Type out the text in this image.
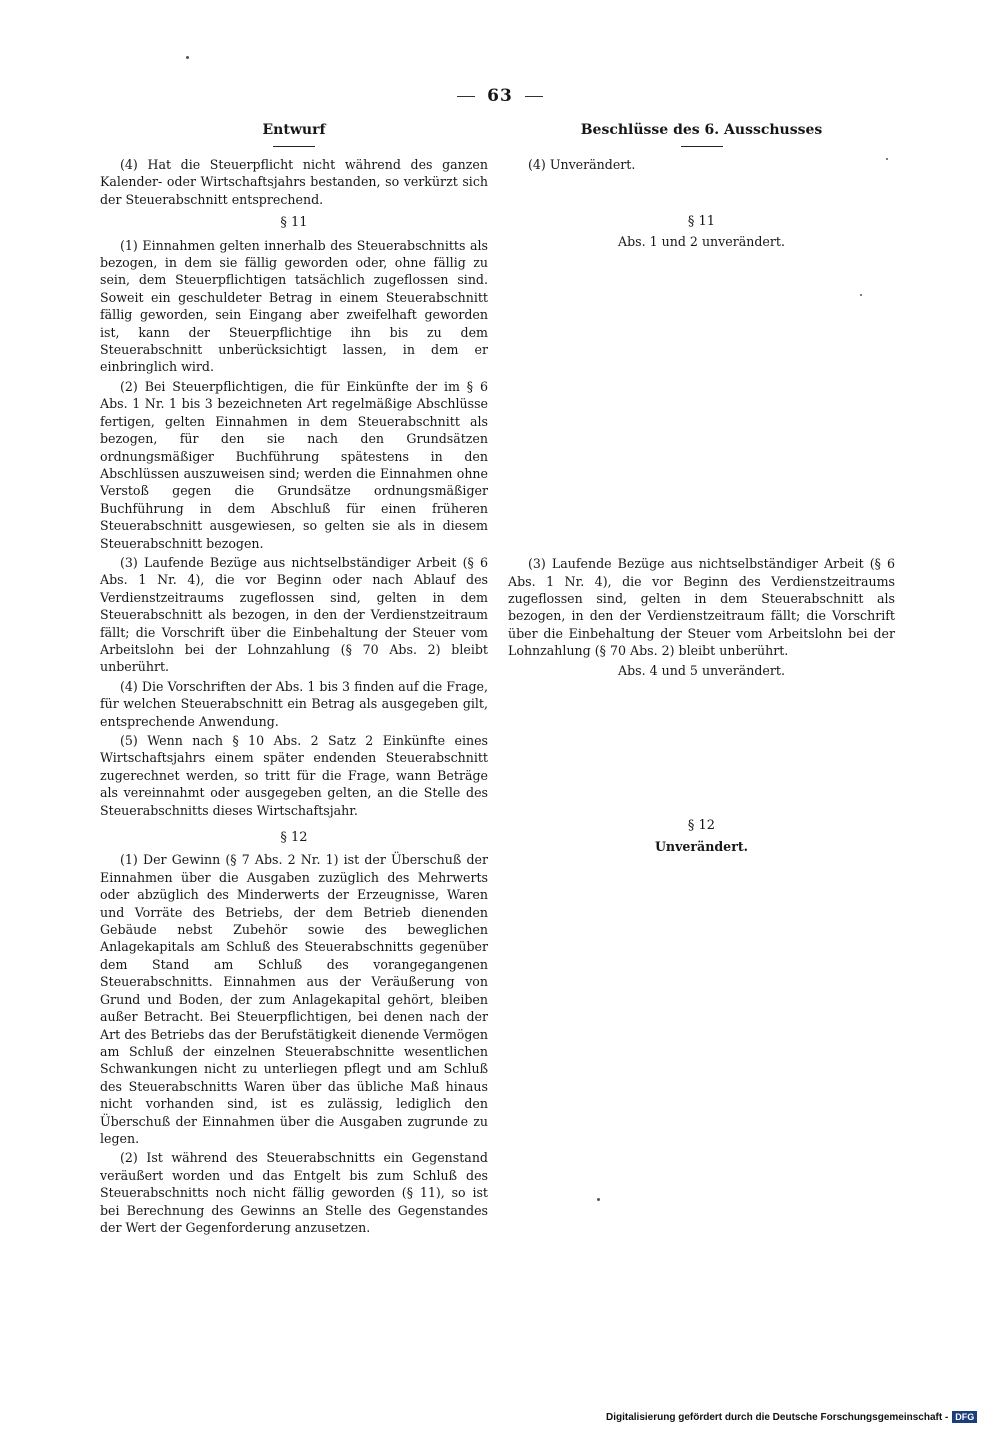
63
Entwurf

(4) Hat die Steuerpflicht nicht während des ganzen Kalender- oder Wirtschaftsjahrs bestanden, so verkürzt sich der Steuerabschnitt entsprechend.

§ 11

(1) Einnahmen gelten innerhalb des Steuerabschnitts als bezogen, in dem sie fällig geworden oder, ohne fällig zu sein, dem Steuerpflichtigen tatsächlich zugeflossen sind. Soweit ein geschuldeter Betrag in einem Steuerabschnitt fällig geworden, sein Eingang aber zweifelhaft geworden ist, kann der Steuerpflichtige ihn bis zu dem Steuerabschnitt unberücksichtigt lassen, in dem er einbringlich wird.

(2) Bei Steuerpflichtigen, die für Einkünfte der im § 6 Abs. 1 Nr. 1 bis 3 bezeichneten Art regelmäßige Abschlüsse fertigen, gelten Einnahmen in dem Steuerabschnitt als bezogen, für den sie nach den Grundsätzen ordnungsmäßiger Buchführung spätestens in den Abschlüssen auszuweisen sind; werden die Einnahmen ohne Verstoß gegen die Grundsätze ordnungsmäßiger Buchführung in dem Abschluß für einen früheren Steuerabschnitt ausgewiesen, so gelten sie als in diesem Steuerabschnitt bezogen.

(3) Laufende Bezüge aus nichtselbständiger Arbeit (§ 6 Abs. 1 Nr. 4), die vor Beginn oder nach Ablauf des Verdienstzeitraums zugeflossen sind, gelten in dem Steuerabschnitt als bezogen, in den der Verdienstzeitraum fällt; die Vorschrift über die Einbehaltung der Steuer vom Arbeitslohn bei der Lohnzahlung (§ 70 Abs. 2) bleibt unberührt.

(4) Die Vorschriften der Abs. 1 bis 3 finden auf die Frage, für welchen Steuerabschnitt ein Betrag als ausgegeben gilt, entsprechende Anwendung.

(5) Wenn nach § 10 Abs. 2 Satz 2 Einkünfte eines Wirtschaftsjahrs einem später endenden Steuerabschnitt zugerechnet werden, so tritt für die Frage, wann Beträge als vereinnahmt oder ausgegeben gelten, an die Stelle des Steuerabschnitts dieses Wirtschaftsjahr.

§ 12

(1) Der Gewinn (§ 7 Abs. 2 Nr. 1) ist der Überschuß der Einnahmen über die Ausgaben zuzüglich des Mehrwerts oder abzüglich des Minderwerts der Erzeugnisse, Waren und Vorräte des Betriebs, der dem Betrieb dienenden Gebäude nebst Zubehör sowie des beweglichen Anlagekapitals am Schluß des Steuerabschnitts gegenüber dem Stand am Schluß des vorangegangenen Steuerabschnitts. Einnahmen aus der Veräußerung von Grund und Boden, der zum Anlagekapital gehört, bleiben außer Betracht. Bei Steuerpflichtigen, bei denen nach der Art des Betriebs das der Berufstätigkeit dienende Vermögen am Schluß der einzelnen Steuerabschnitte wesentlichen Schwankungen nicht zu unterliegen pflegt und am Schluß des Steuerabschnitts Waren über das übliche Maß hinaus nicht vorhanden sind, ist es zulässig, lediglich den Überschuß der Einnahmen über die Ausgaben zugrunde zu legen.

(2) Ist während des Steuerabschnitts ein Gegenstand veräußert worden und das Entgelt bis zum Schluß des Steuerabschnitts noch nicht fällig geworden (§ 11), so ist bei Berechnung des Gewinns an Stelle des Gegenstandes der Wert der Gegenforderung anzusetzen.

Beschlüsse des 6. Ausschusses

(4) Unverändert.

§ 11

Abs. 1 und 2 unverändert.

(3) Laufende Bezüge aus nichtselbständiger Arbeit (§ 6 Abs. 1 Nr. 4), die vor Beginn des Verdienstzeitraums zugeflossen sind, gelten in dem Steuerabschnitt als bezogen, in den der Verdienstzeitraum fällt; die Vorschrift über die Einbehaltung der Steuer vom Arbeitslohn bei der Lohnzahlung (§ 70 Abs. 2) bleibt unberührt.

Abs. 4 und 5 unverändert.

§ 12

Unverändert.

Digitalisierung gefördert durch die Deutsche Forschungsgemeinschaft - DFG
